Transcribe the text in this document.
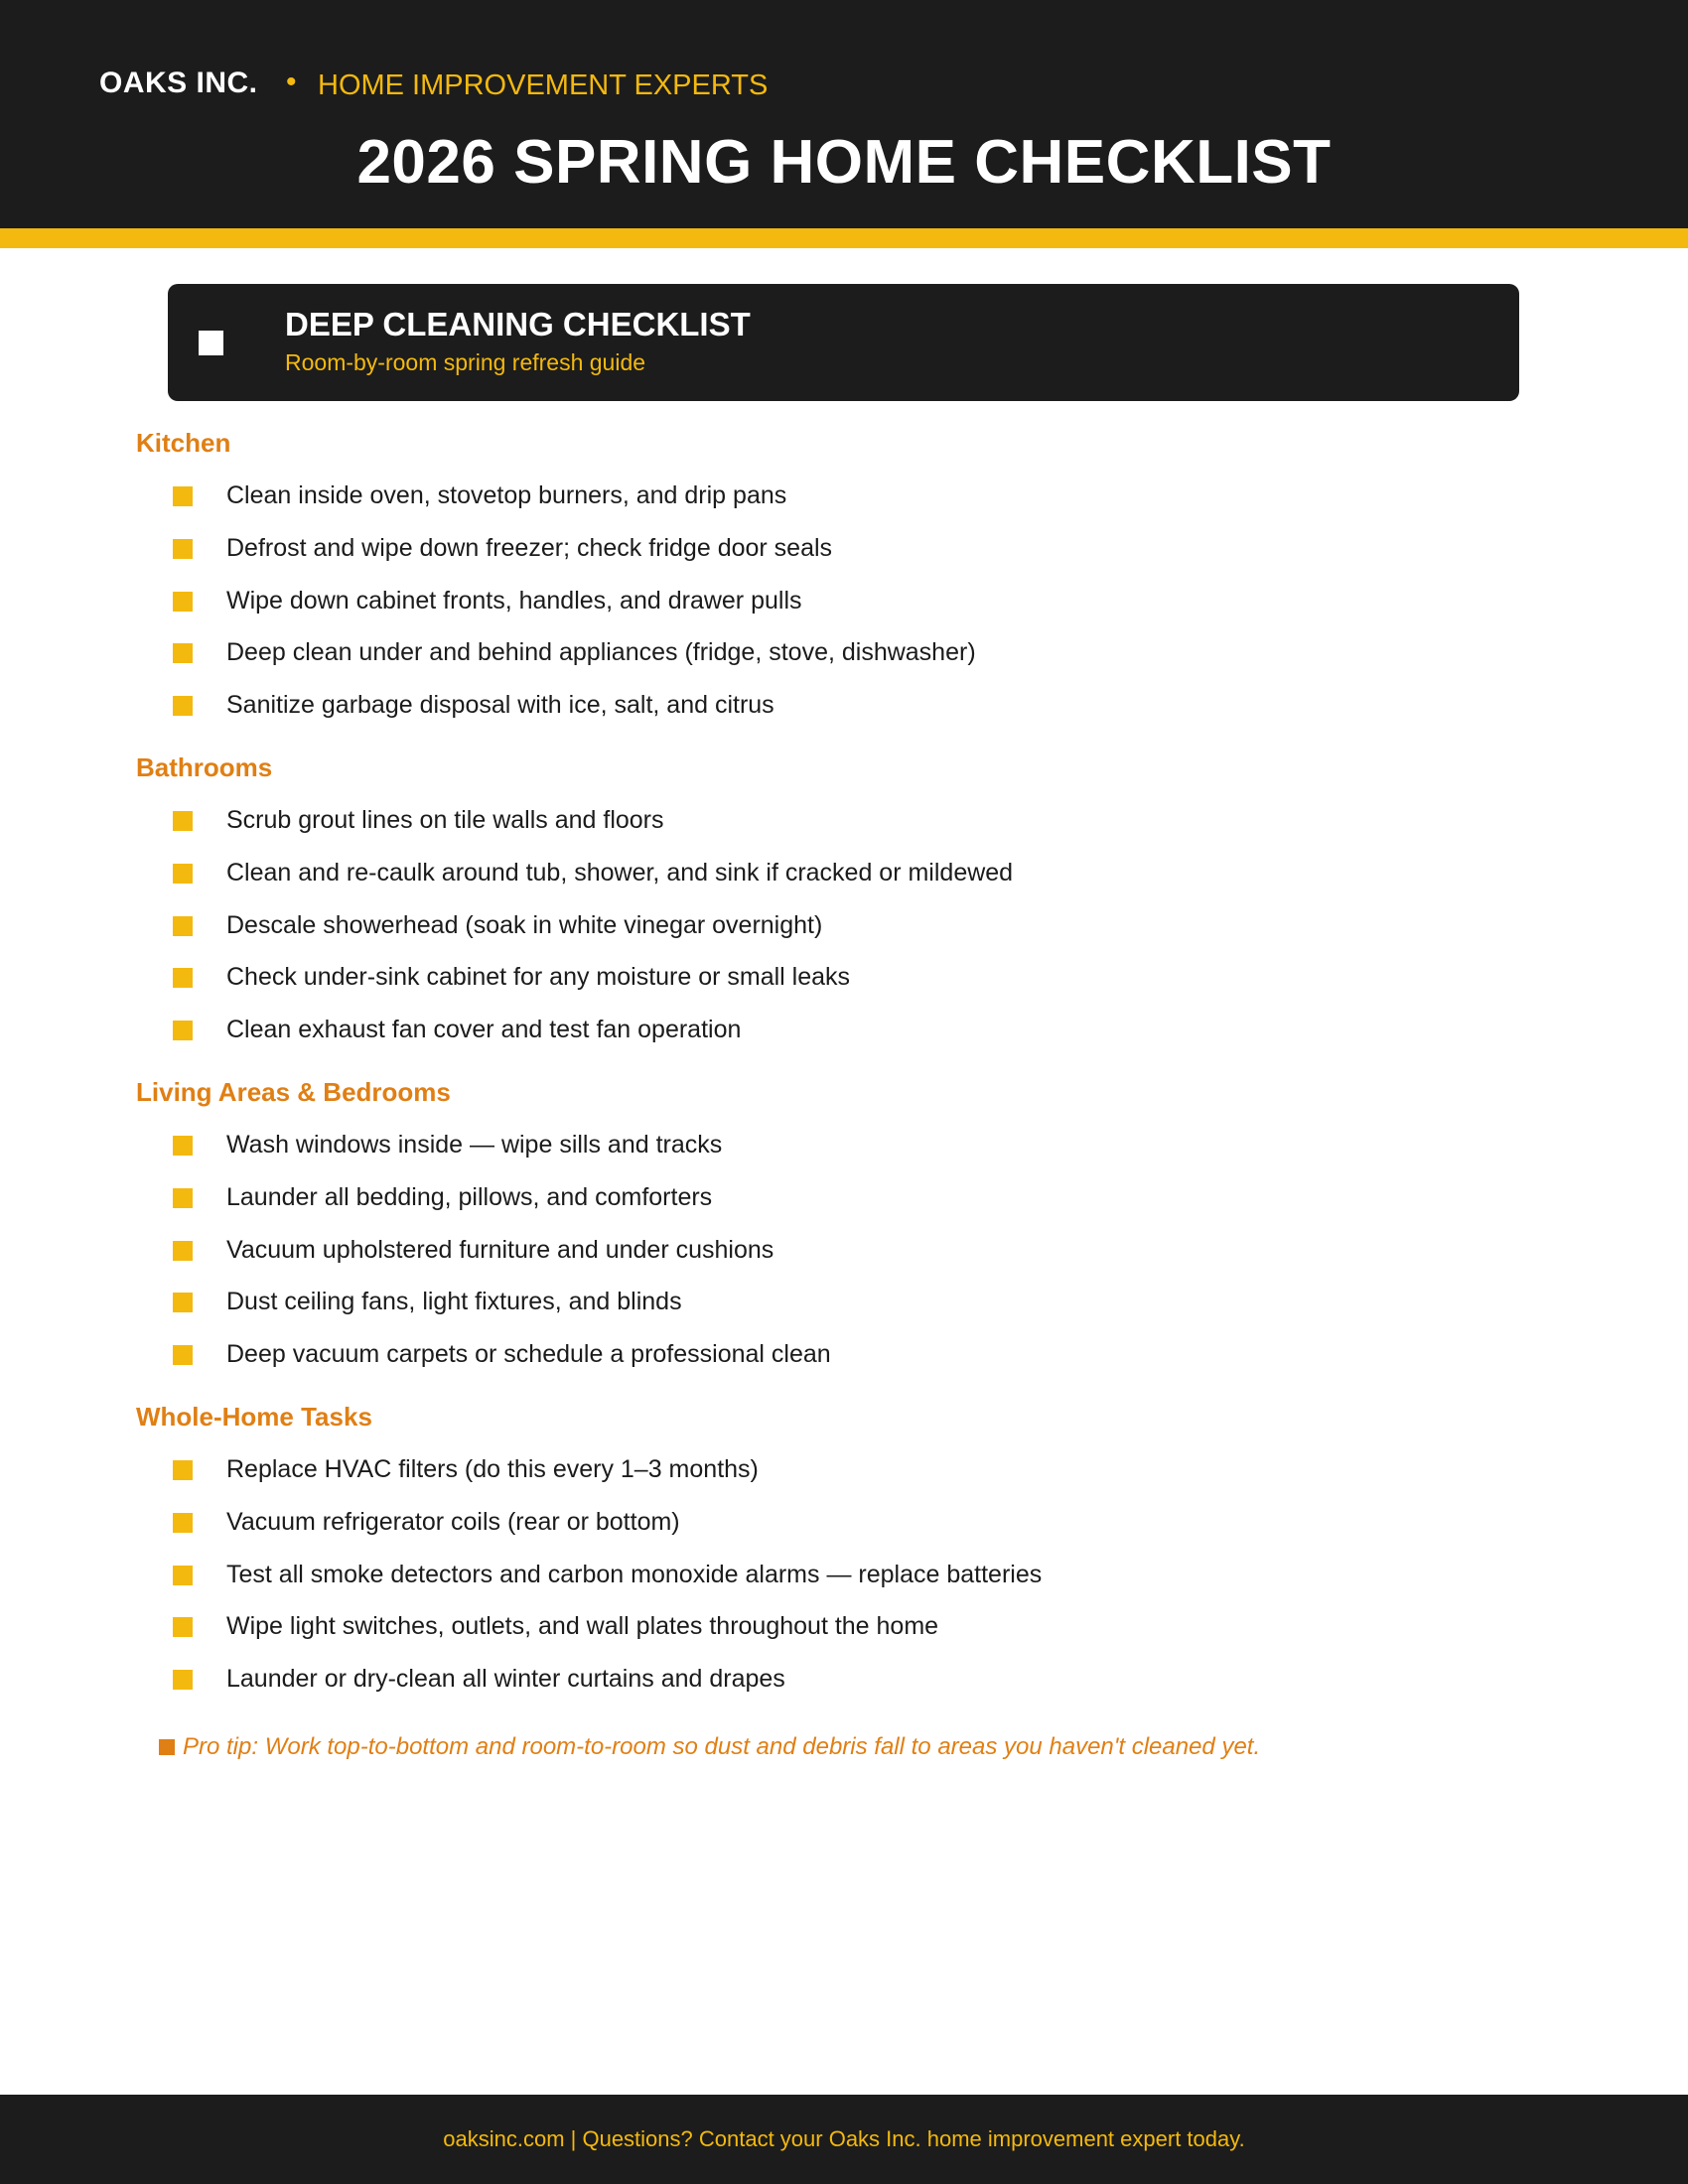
OAKS INC. • HOME IMPROVEMENT EXPERTS
2026 SPRING HOME CHECKLIST
DEEP CLEANING CHECKLIST
Room-by-room spring refresh guide
Kitchen
Clean inside oven, stovetop burners, and drip pans
Defrost and wipe down freezer; check fridge door seals
Wipe down cabinet fronts, handles, and drawer pulls
Deep clean under and behind appliances (fridge, stove, dishwasher)
Sanitize garbage disposal with ice, salt, and citrus
Bathrooms
Scrub grout lines on tile walls and floors
Clean and re-caulk around tub, shower, and sink if cracked or mildewed
Descale showerhead (soak in white vinegar overnight)
Check under-sink cabinet for any moisture or small leaks
Clean exhaust fan cover and test fan operation
Living Areas & Bedrooms
Wash windows inside — wipe sills and tracks
Launder all bedding, pillows, and comforters
Vacuum upholstered furniture and under cushions
Dust ceiling fans, light fixtures, and blinds
Deep vacuum carpets or schedule a professional clean
Whole-Home Tasks
Replace HVAC filters (do this every 1–3 months)
Vacuum refrigerator coils (rear or bottom)
Test all smoke detectors and carbon monoxide alarms — replace batteries
Wipe light switches, outlets, and wall plates throughout the home
Launder or dry-clean all winter curtains and drapes
Pro tip: Work top-to-bottom and room-to-room so dust and debris fall to areas you haven't cleaned yet.
oaksinc.com | Questions? Contact your Oaks Inc. home improvement expert today.
